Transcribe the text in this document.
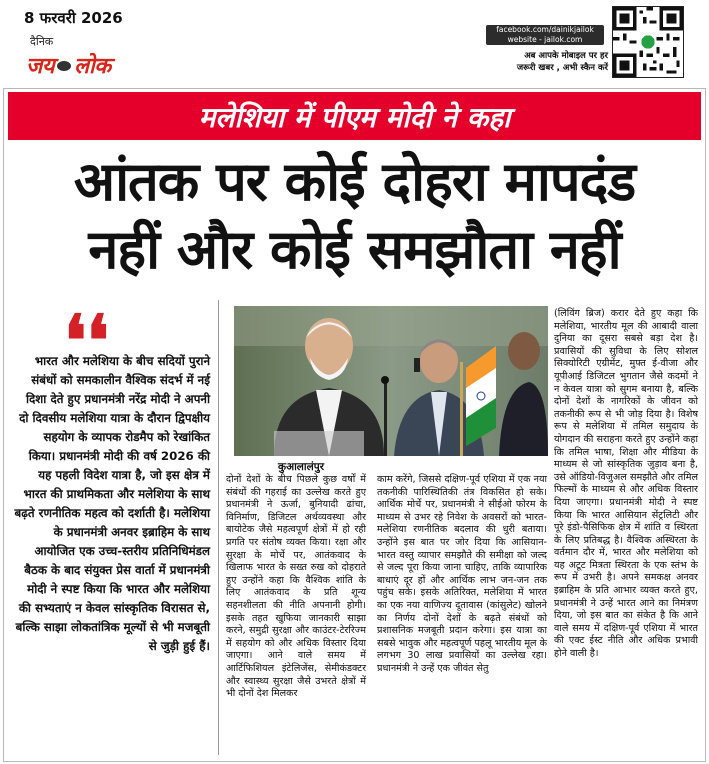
8 फरवरी 2026
दैनिक
जय लोक
facebook.com/dainikjailok
website - jailok.com
अब आपके मोबाइल पर हर
जरूरी खबर , अभी स्कैन करें
मलेशिया में पीएम मोदी ने कहा
आंतक पर कोई दोहरा मापदंड
नहीं और कोई समझौता नहीं
❛❛
भारत और मलेशिया के बीच सदियों पुराने संबंधों को समकालीन वैश्विक संदर्भ में नई दिशा देते हुए प्रधानमंत्री नरेंद्र मोदी ने अपनी दो दिवसीय मलेशिया यात्रा के दौरान द्विपक्षीय सहयोग के व्यापक रोडमैप को रेखांकित किया। प्रधानमंत्री मोदी की वर्ष 2026 की यह पहली विदेश यात्रा है, जो इस क्षेत्र में भारत की प्राथमिकता और मलेशिया के साथ बढ़ते रणनीतिक महत्व को दर्शाती है। मलेशिया के प्रधानमंत्री अनवर इब्राहिम के साथ आयोजित एक उच्च-स्तरीय प्रतिनिधिमंडल बैठक के बाद संयुक्त प्रेस वार्ता में प्रधानमंत्री मोदी ने स्पष्ट किया कि भारत और मलेशिया की सभ्यताएं न केवल सांस्कृतिक विरासत से, बल्कि साझा लोकतांत्रिक मूल्यों से भी मजबूती से जुड़ी हुई हैं।
कुआलालंपुर

दोनों देशों के बीच पिछले कुछ वर्षों में संबंधों की गहराई का उल्लेख करते हुए प्रधानमंत्री ने ऊर्जा, बुनियादी ढांचा, विनिर्माण, डिजिटल अर्थव्यवस्था और बायोटेक जैसे महत्वपूर्ण क्षेत्रों में हो रही प्रगति पर संतोष व्यक्त किया। रक्षा और सुरक्षा के मोर्चे पर, आतंकवाद के खिलाफ भारत के सख्त रुख को दोहराते हुए उन्होंने कहा कि वैश्विक शांति के लिए आतंकवाद के प्रति शून्य सहनशीलता की नीति अपनानी होगी। इसके तहत खुफिया जानकारी साझा करने, समुद्री सुरक्षा और काउंटर-टेररिज्म में सहयोग को और अधिक विस्तार दिया जाएगा। आने वाले समय में आर्टिफिशियल इंटेलिजेंस, सेमीकंडक्टर और स्वास्थ्य सुरक्षा जैसे उभरते क्षेत्रों में भी दोनों देश मिलकर

काम करेंगे, जिससे दक्षिण-पूर्व एशिया में एक नया तकनीकी पारिस्थितिकी तंत्र विकसित हो सके। आर्थिक मोर्चे पर, प्रधानमंत्री ने सीईओ फोरम के माध्यम से उभर रहे निवेश के अवसरों को भारत-मलेशिया रणनीतिक बदलाव की धुरी बताया। उन्होंने इस बात पर जोर दिया कि आसियान- भारत वस्तु व्यापार समझौते की समीक्षा को जल्द से जल्द पूरा किया जाना चाहिए, ताकि व्यापारिक बाधाएं दूर हों और आर्थिक लाभ जन-जन तक पहुंच सके। इसके अतिरिक्त, मलेशिया में भारत का एक नया वाणिज्य दूतावास (कांसुलेट) खोलने का निर्णय दोनों देशों के बढ़ते संबंधों को प्रशासनिक मजबूती प्रदान करेगा। इस यात्रा का सबसे भावुक और महत्वपूर्ण पहलू भारतीय मूल के लगभग 30 लाख प्रवासियों का उल्लेख रहा। प्रधानमंत्री ने उन्हें एक जीवंत सेतु

(लिविंग ब्रिज) करार देते हुए कहा कि मलेशिया, भारतीय मूल की आबादी वाला दुनिया का दूसरा सबसे बड़ा देश है। प्रवासियों की सुविधा के लिए सोशल सिक्योरिटी एग्रीमेंट, मुफ्त ई-वीजा और यूपीआई डिजिटल भुगतान जैसे कदमों ने न केवल यात्रा को सुगम बनाया है, बल्कि दोनों देशों के नागरिकों के जीवन को तकनीकी रूप से भी जोड़ दिया है। विशेष रूप से मलेशिया में तमिल समुदाय के योगदान की सराहना करते हुए उन्होंने कहा कि तमिल भाषा, शिक्षा और मीडिया के माध्यम से जो सांस्कृतिक जुड़ाव बना है, उसे ऑडियो-विजुअल समझौते और तमिल फिल्मों के माध्यम से और अधिक विस्तार दिया जाएगा। प्रधानमंत्री मोदी ने स्पष्ट किया कि भारत आसियान सेंट्रलिटी और पूरे इंडो-पैसिफिक क्षेत्र में शांति व स्थिरता के लिए प्रतिबद्ध है। वैश्विक अस्थिरता के वर्तमान दौर में, भारत और मलेशिया को यह अटूट मित्रता स्थिरता के एक स्तंभ के रूप में उभरी है। अपने समकक्ष अनवर इब्राहिम के प्रति आभार व्यक्त करते हुए, प्रधानमंत्री ने उन्हें भारत आने का निमंत्रण दिया, जो इस बात का संकेत है कि आने वाले समय में दक्षिण-पूर्व एशिया में भारत की एक्ट ईस्ट नीति और अधिक प्रभावी होने वाली है।
